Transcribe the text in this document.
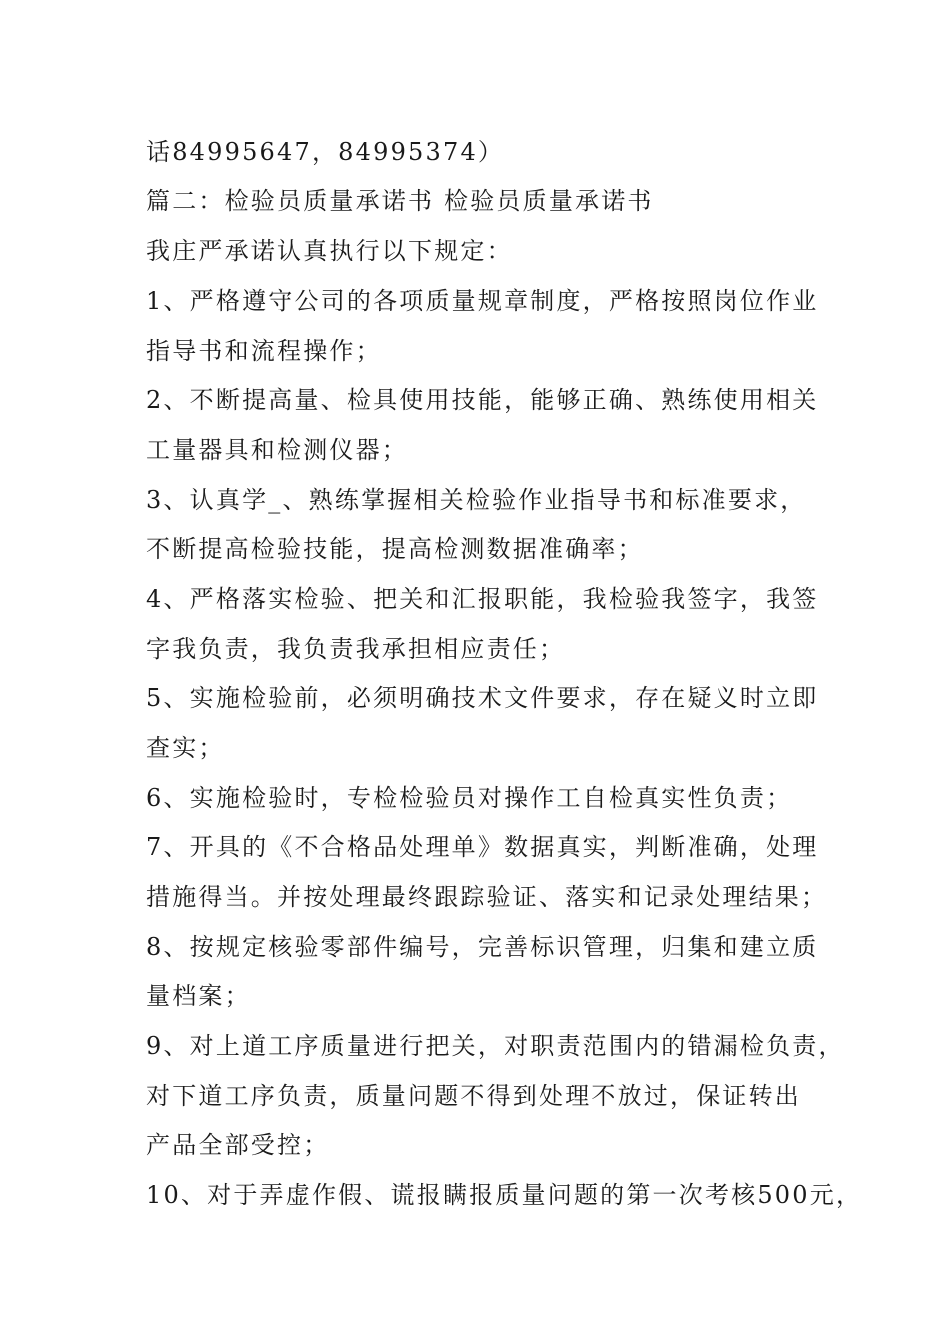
话84995647，84995374）
篇二：检验员质量承诺书 检验员质量承诺书
我庄严承诺认真执行以下规定：
1、严格遵守公司的各项质量规章制度，严格按照岗位作业
指导书和流程操作；
2、不断提高量、检具使用技能，能够正确、熟练使用相关
工量器具和检测仪器；
3、认真学_、熟练掌握相关检验作业指导书和标准要求，
不断提高检验技能，提高检测数据准确率；
4、严格落实检验、把关和汇报职能，我检验我签字，我签
字我负责，我负责我承担相应责任；
5、实施检验前，必须明确技术文件要求，存在疑义时立即
查实；
6、实施检验时，专检检验员对操作工自检真实性负责；
7、开具的《不合格品处理单》数据真实，判断准确，处理
措施得当。并按处理最终跟踪验证、落实和记录处理结果；
8、按规定核验零部件编号，完善标识管理，归集和建立质
量档案；
9、对上道工序质量进行把关，对职责范围内的错漏检负责，
对下道工序负责，质量问题不得到处理不放过，保证转出
产品全部受控；
10、对于弄虚作假、谎报瞒报质量问题的第一次考核500元，
